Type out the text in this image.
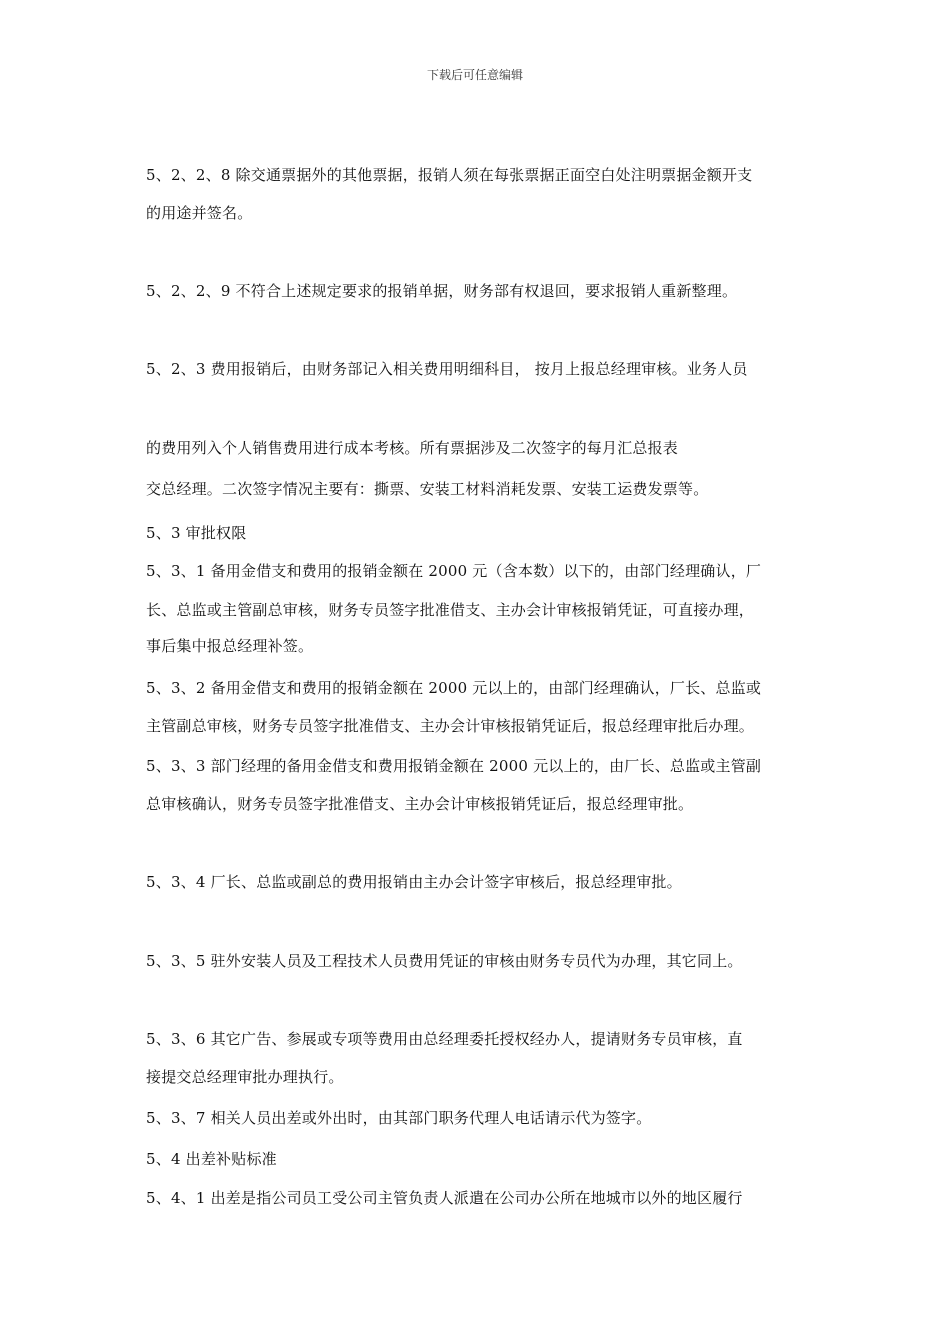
下载后可任意编辑
5、2、2、8 除交通票据外的其他票据，报销人须在每张票据正面空白处注明票据金额开支
的用途并签名。
5、2、2、9 不符合上述规定要求的报销单据，财务部有权退回，要求报销人重新整理。
5、2、3 费用报销后，由财务部记入相关费用明细科目， 按月上报总经理审核。业务人员
的费用列入个人销售费用进行成本考核。所有票据涉及二次签字的每月汇总报表
交总经理。二次签字情况主要有：撕票、安装工材料消耗发票、安装工运费发票等。
5、3 审批权限
5、3、1 备用金借支和费用的报销金额在 2000 元（含本数）以下的，由部门经理确认，厂
长、总监或主管副总审核，财务专员签字批准借支、主办会计审核报销凭证，可直接办理，
事后集中报总经理补签。
5、3、2 备用金借支和费用的报销金额在 2000 元以上的，由部门经理确认，厂长、总监或
主管副总审核，财务专员签字批准借支、主办会计审核报销凭证后，报总经理审批后办理。
5、3、3 部门经理的备用金借支和费用报销金额在 2000 元以上的，由厂长、总监或主管副
总审核确认，财务专员签字批准借支、主办会计审核报销凭证后，报总经理审批。
5、3、4 厂长、总监或副总的费用报销由主办会计签字审核后，报总经理审批。
5、3、5 驻外安装人员及工程技术人员费用凭证的审核由财务专员代为办理，其它同上。
5、3、6 其它广告、参展或专项等费用由总经理委托授权经办人，提请财务专员审核，直
接提交总经理审批办理执行。
5、3、7 相关人员出差或外出时，由其部门职务代理人电话请示代为签字。
5、4 出差补贴标准
5、4、1 出差是指公司员工受公司主管负责人派遣在公司办公所在地城市以外的地区履行
